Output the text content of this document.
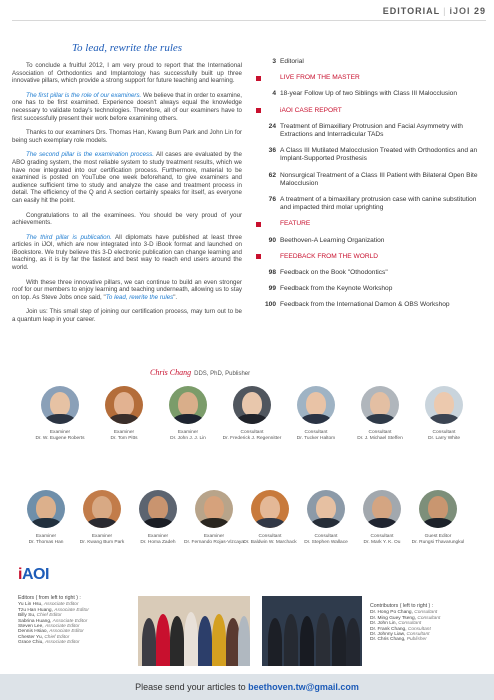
EDITORIAL | iJOI 29
To lead, rewrite the rules

To conclude a fruitful 2012, I am very proud to report that the International Association of Orthodontics and Implantology has successfully built up three innovative pillars, which provide a strong support for future teaching and learning.

The first pillar is the role of our examiners. We believe that in order to examine, one has to be first examined. Experience doesn't always equal the knowledge necessary to validate today's technologies. Therefore, all of our examiners have to first successfully present their work before examining others.

Thanks to our examiners Drs. Thomas Han, Kwang Bum Park and John Lin for being such exemplary role models.

The second pillar is the examination process. All cases are evaluated by the ABO grading system, the most reliable system to study treatment results, which we have now integrated into our certification process. Furthermore, material to be examined is posted on YouTube one week beforehand, to give examiners and audience sufficient time to study and analyze the case and treatment process in detail. The efficiency of the Q and A section certainly speaks for itself, as everyone can easily hit the point.

Congratulations to all the examinees. You should be very proud of your achievements.

The third pillar is publication. All diplomats have published at least three articles in iJOI, which are now integrated into 3-D iBook format and launched on iBookstore. We truly believe this 3-D electronic publication can change learning and teaching, as it is by far the fastest and best way to reach end users around the world.

With these three innovative pillars, we can continue to build an even stronger roof for our members to enjoy learning and teaching underneath, allowing us to stay on top. As Steve Jobs once said, "To lead, rewrite the rules".

Join us: This small step of joining our certification process, may turn out to be a quantum leap in your career.

3 Editorial
LIVE FROM THE MASTER
4 18-year Follow Up of two Siblings with Class III Malocclusion
iAOI CASE REPORT
24 Treatment of Bimaxillary Protrusion and Facial Asymmetry with Extractions and Interradicular TADs
36 A Class III Mutilated Malocclusion Treated with Orthodontics and an Implant-Supported Prosthesis
62 Nonsurgical Treatment of a Class III Patient with Bilateral Open Bite Malocclusion
76 A treatment of a bimaxillary protrusion case with canine substitution and impacted third molar uprighting
FEATURE
90 Beethoven-A Learning Organization
FEEDBACK FROM THE WORLD
98 Feedback on the Book "Othodontics"
99 Feedback from the Keynote Workshop
100 Feedback from the International Damon & OBS Workshop
Chris Chang DDS, PhD, Publisher
Examiner
Dr. W. Eugene Roberts
Examiner
Dr. Tom Pitts
Examiner
Dr. John J. J. Lin
Consultant
Dr. Frederick J. Regennitter
Consultant
Dr. Tucker Haltom
Consultant
Dr. J. Michael Steffen
Consultant
Dr. Larry White
Examiner
Dr. Thomas Han
Examiner
Dr. Kwang Bum Park
Examiner
Dr. Homa Zadeh
Examiner
Dr. Fernando Rojas-Vizcaya
Consultant
Dr. Baldwin W. Marchack
Consultant
Dr. Stephen Wallace
Consultant
Dr. Mark Y. K. Ou
Guest Editor
Dr. Rungsi Thavarungkul
iAOI
Editors ( from left to right ) :
Yu Lin Hsu, Associate Editor
Tzu Han Huang, Associate Editor
Billy Su, Chief Editor
Sabrina Huang, Associate Editor
Steven Lee, Associate Editor
Dennis Hsiao, Associate Editor
Chester Yu, Chief Editor
Grace Chiu, Associate Editor
Contributors ( left to right ) :
Dr. Hong Po Chang, Consultant
Dr. Ming Guey Tseng, Consultant
Dr. John Lin, Consultant
Dr. Frank Chang, Consultant
Dr. Johnny Liaw, Consultant
Dr. Chris Chang, Publisher
Please send your articles to beethoven.tw@gmail.com
